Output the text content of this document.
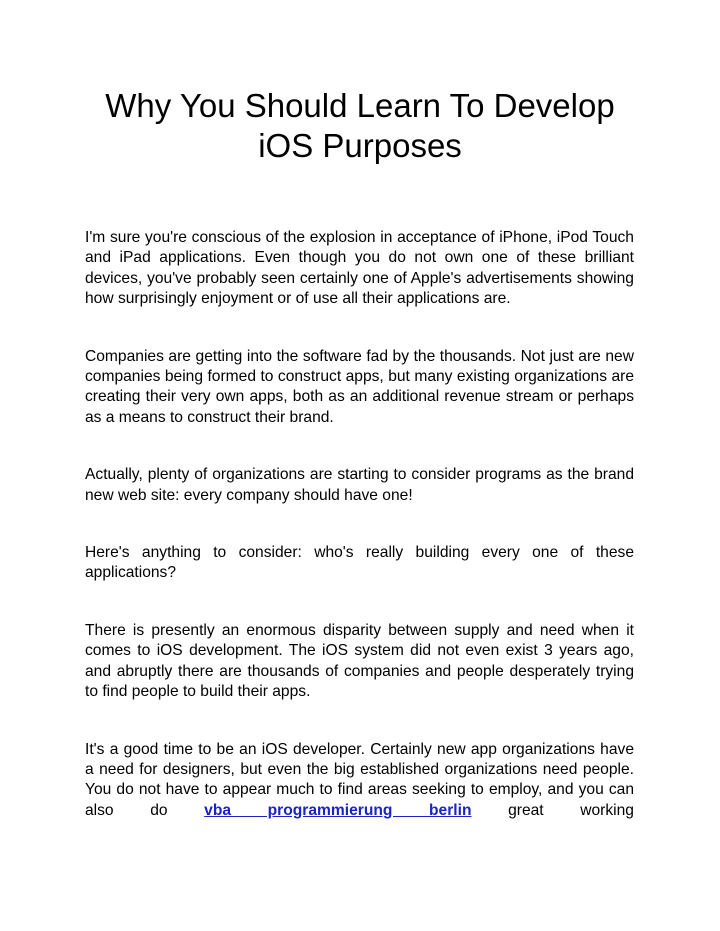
Why You Should Learn To Develop
iOS Purposes

I'm sure you're conscious of the explosion in acceptance of iPhone, iPod Touch and iPad applications. Even though you do not own one of these brilliant devices, you've probably seen certainly one of Apple's advertisements showing how surprisingly enjoyment or of use all their applications are.

Companies are getting into the software fad by the thousands. Not just are new companies being formed to construct apps, but many existing organizations are creating their very own apps, both as an additional revenue stream or perhaps as a means to construct their brand.

Actually, plenty of organizations are starting to consider programs as the brand new web site: every company should have one!

Here's anything to consider: who's really building every one of these applications?

There is presently an enormous disparity between supply and need when it comes to iOS development. The iOS system did not even exist 3 years ago, and abruptly there are thousands of companies and people desperately trying to find people to build their apps.

It's a good time to be an iOS developer. Certainly new app organizations have a need for designers, but even the big established organizations need people. You do not have to appear much to find areas seeking to employ, and you can also do vba programmierung berlin great working
